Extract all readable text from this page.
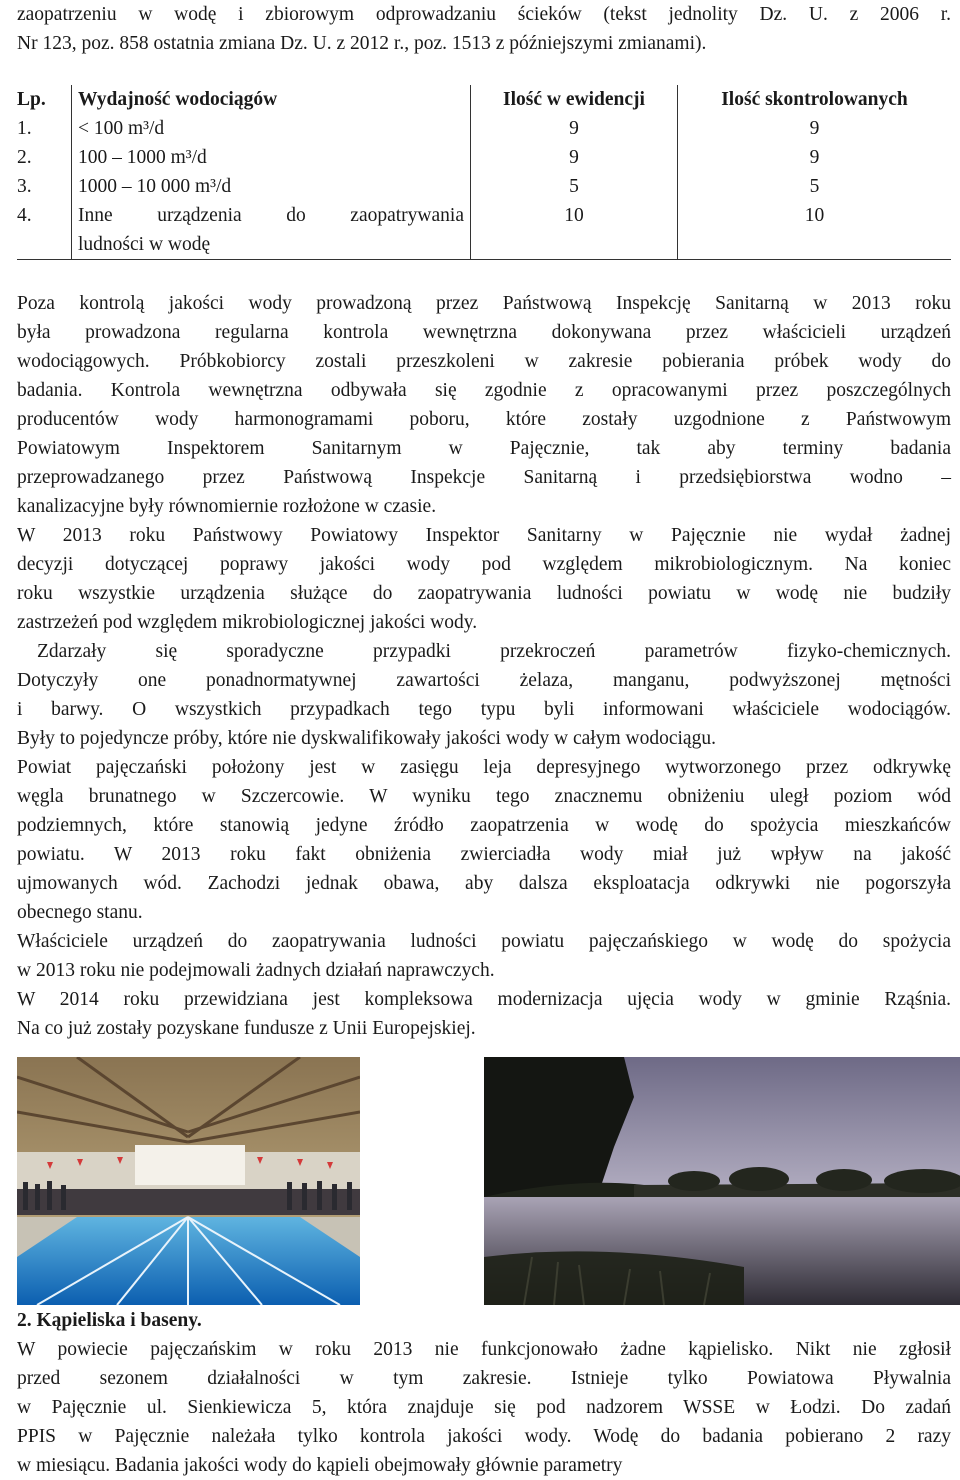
zaopatrzeniu w wodę i zbiorowym odprowadzaniu ścieków (tekst jednolity Dz. U. z 2006 r.
Nr 123, poz. 858 ostatnia zmiana Dz. U. z 2012 r., poz. 1513 z późniejszymi zmianami).
Lp.	Wydajność wodociągów	Ilość w ewidencji	Ilość skontrolowanych
1.	< 100 m³/d	9	9
2.	100 – 1000 m³/d	9	9
3.	1000 – 10 000 m³/d	5	5
4.	Inne urządzenia do zaopatrywania
ludności w wodę	10	10
Poza kontrolą jakości wody prowadzoną przez Państwową Inspekcję Sanitarną w 2013 roku
była prowadzona regularna kontrola wewnętrzna dokonywana przez właścicieli urządzeń
wodociągowych. Próbkobiorcy zostali przeszkoleni w zakresie pobierania próbek wody do
badania. Kontrola wewnętrzna odbywała się zgodnie z opracowanymi przez poszczególnych
producentów wody harmonogramami poboru, które zostały uzgodnione z Państwowym
Powiatowym Inspektorem Sanitarnym w Pajęcznie, tak aby terminy badania
przeprowadzanego przez Państwową Inspekcje Sanitarną i przedsiębiorstwa wodno –
kanalizacyjne były równomiernie rozłożone w czasie.
W 2013 roku Państwowy Powiatowy Inspektor Sanitarny w Pajęcznie nie wydał żadnej
decyzji dotyczącej poprawy jakości wody pod względem mikrobiologicznym. Na koniec
roku wszystkie urządzenia służące do zaopatrywania ludności powiatu w wodę nie budziły
zastrzeżeń pod względem mikrobiologicznej jakości wody.
Zdarzały się sporadyczne przypadki przekroczeń parametrów fizyko-chemicznych.
Dotyczyły one ponadnormatywnej zawartości żelaza, manganu, podwyższonej mętności
i barwy. O wszystkich przypadkach tego typu byli informowani właściciele wodociągów.
Były to pojedyncze próby, które nie dyskwalifikowały jakości wody w całym wodociągu.
Powiat pajęczański położony jest w zasięgu leja depresyjnego wytworzonego przez odkrywkę
węgla brunatnego w Szczercowie. W wyniku tego znacznemu obniżeniu uległ poziom wód
podziemnych, które stanowią jedyne źródło zaopatrzenia w wodę do spożycia mieszkańców
powiatu. W 2013 roku fakt obniżenia zwierciadła wody miał już wpływ na jakość
ujmowanych wód. Zachodzi jednak obawa, aby dalsza eksploatacja odkrywki nie pogorszyła
obecnego stanu.
Właściciele urządzeń do zaopatrywania ludności powiatu pajęczańskiego w wodę do spożycia
w 2013 roku nie podejmowali żadnych działań naprawczych.
W 2014 roku przewidziana jest kompleksowa modernizacja ujęcia wody w gminie Rząśnia.
Na co już zostały pozyskane fundusze z Unii Europejskiej.
2. Kąpieliska i baseny.
W powiecie pajęczańskim w roku 2013 nie funkcjonowało żadne kąpielisko. Nikt nie zgłosił
przed sezonem działalności w tym zakresie. Istnieje tylko Powiatowa Pływalnia
w Pajęcznie ul. Sienkiewicza 5, która znajduje się pod nadzorem WSSE w Łodzi. Do zadań
PPIS w Pajęcznie należała tylko kontrola jakości wody. Wodę do badania pobierano 2 razy
w miesiącu. Badania jakości wody do kąpieli obejmowały głównie parametry
